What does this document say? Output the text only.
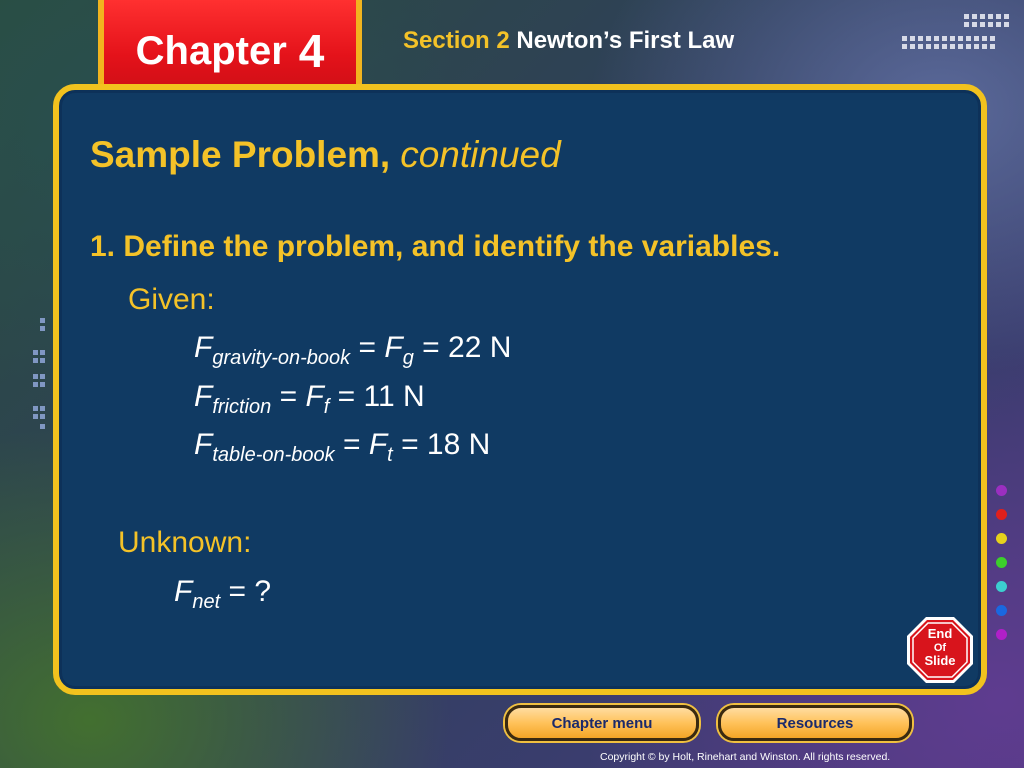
Chapter 4	Section 2 Newton’s First Law
Sample Problem, continued
1. Define the problem, and identify the variables.
Given:
$F_{gravity-on-book} = F_g = 22$ N
$F_{friction} = F_f = 11$ N
$F_{table-on-book} = F_t = 18$ N
Unknown:
$F_{net}$ = ?
End
Of
Slide
Chapter menu	Resources
Copyright © by Holt, Rinehart and Winston. All rights reserved.
